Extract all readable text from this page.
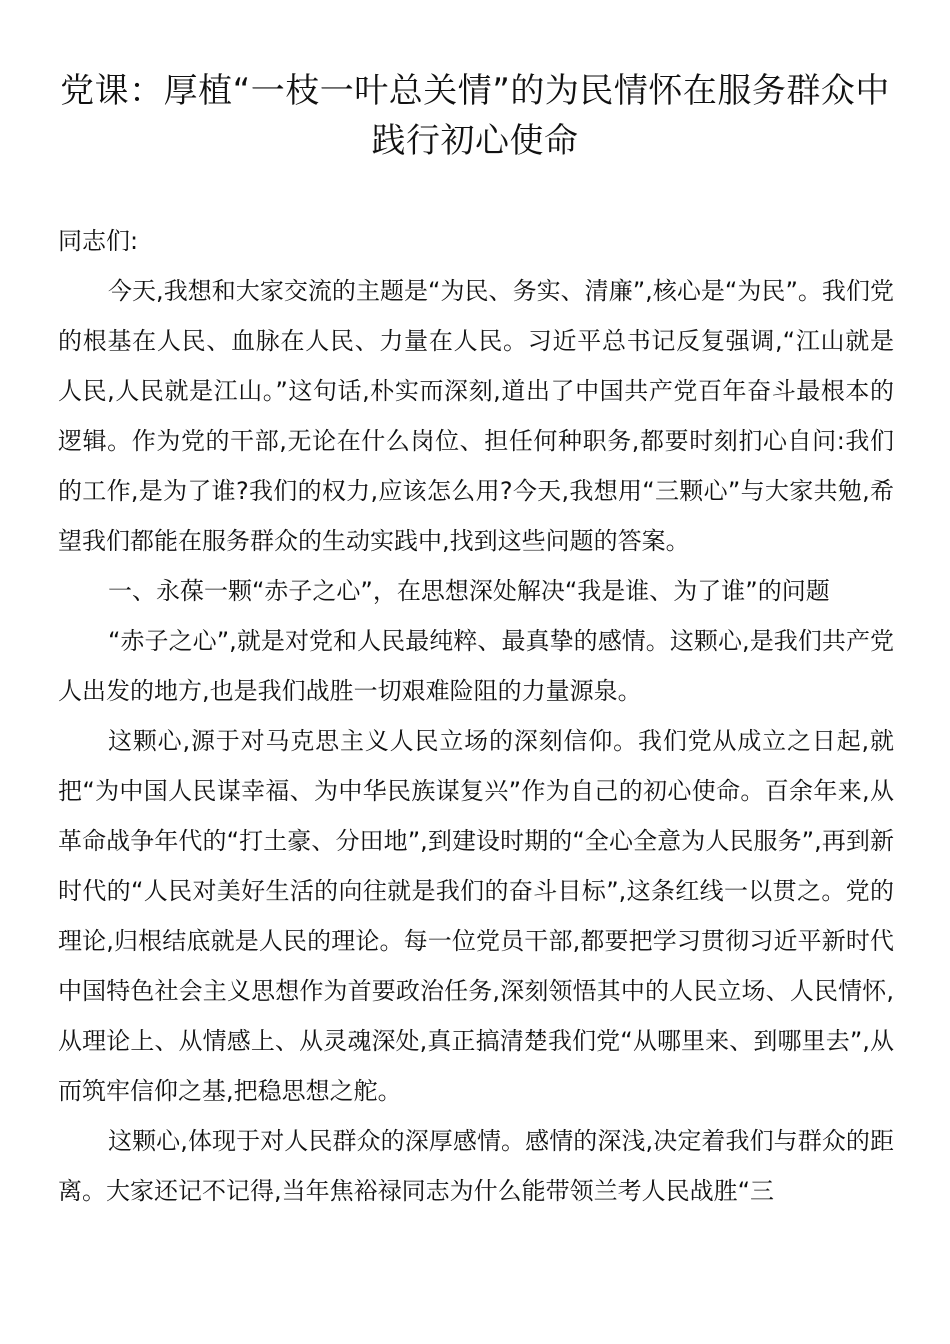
党课：厚植“一枝一叶总关情”的为民情怀在服务群众中践行初心使命

同志们:

今天,我想和大家交流的主题是“为民、务实、清廉”,核心是“为民”。我们党的根基在人民、血脉在人民、力量在人民。习近平总书记反复强调,“江山就是人民,人民就是江山。”这句话,朴实而深刻,道出了中国共产党百年奋斗最根本的逻辑。作为党的干部,无论在什么岗位、担任何种职务,都要时刻扪心自问:我们的工作,是为了谁?我们的权力,应该怎么用?今天,我想用“三颗心”与大家共勉,希望我们都能在服务群众的生动实践中,找到这些问题的答案。

一、永葆一颗“赤子之心”，在思想深处解决“我是谁、为了谁”的问题

“赤子之心”,就是对党和人民最纯粹、最真挚的感情。这颗心,是我们共产党人出发的地方,也是我们战胜一切艰难险阻的力量源泉。

这颗心,源于对马克思主义人民立场的深刻信仰。我们党从成立之日起,就把“为中国人民谋幸福、为中华民族谋复兴”作为自己的初心使命。百余年来,从革命战争年代的“打土豪、分田地”,到建设时期的“全心全意为人民服务”,再到新时代的“人民对美好生活的向往就是我们的奋斗目标”,这条红线一以贯之。党的理论,归根结底就是人民的理论。每一位党员干部,都要把学习贯彻习近平新时代中国特色社会主义思想作为首要政治任务,深刻领悟其中的人民立场、人民情怀,从理论上、从情感上、从灵魂深处,真正搞清楚我们党“从哪里来、到哪里去”,从而筑牢信仰之基,把稳思想之舵。

这颗心,体现于对人民群众的深厚感情。感情的深浅,决定着我们与群众的距离。大家还记不记得,当年焦裕禄同志为什么能带领兰考人民战胜“三
